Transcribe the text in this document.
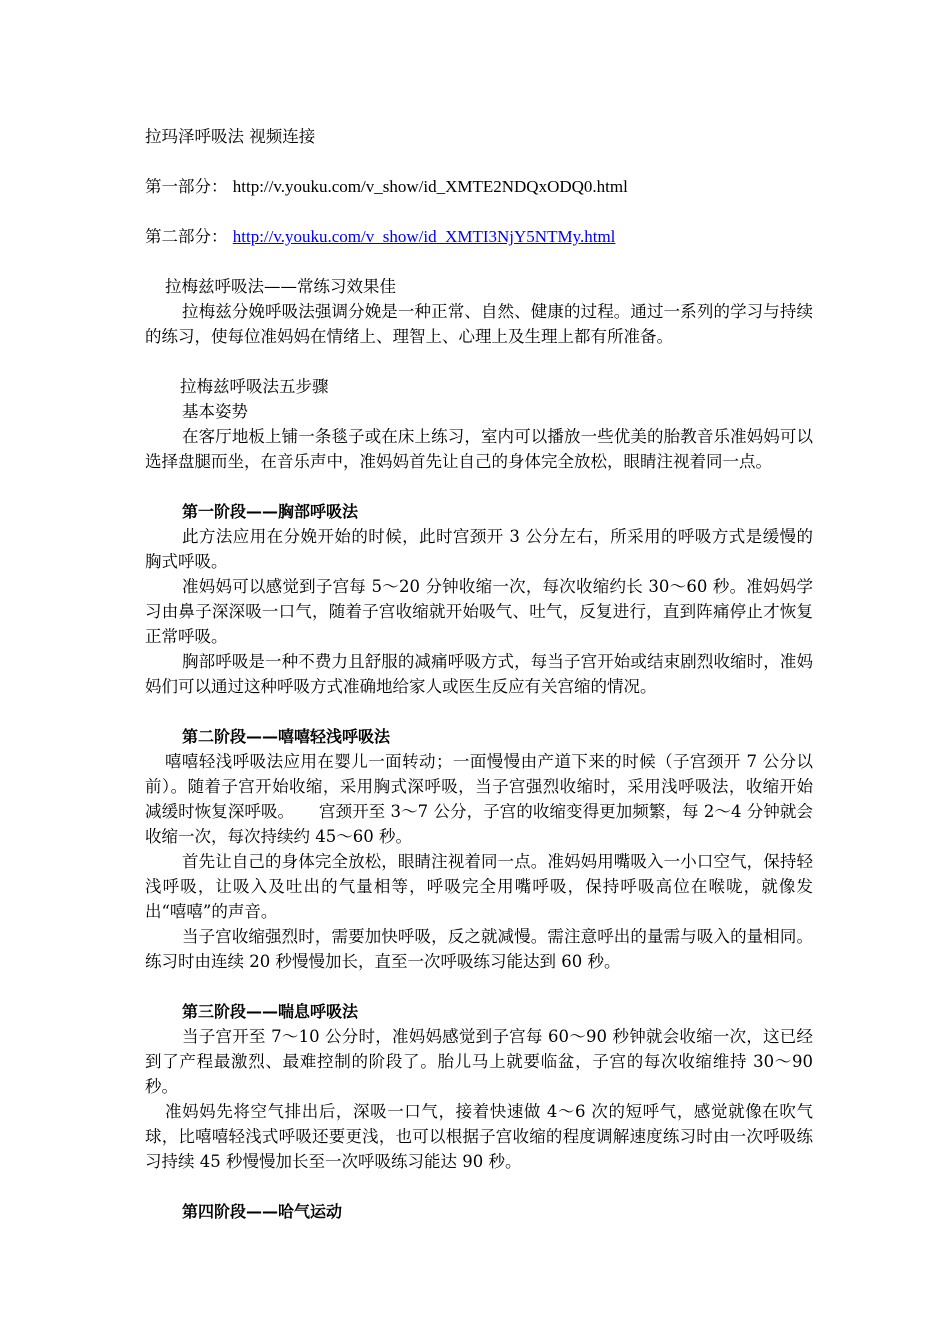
拉玛泽呼吸法 视频连接
第一部分： http://v.youku.com/v_show/id_XMTE2NDQxODQ0.html
第二部分： http://v.youku.com/v_show/id_XMTI3NjY5NTMy.html
拉梅兹呼吸法——常练习效果佳
拉梅兹分娩呼吸法强调分娩是一种正常、自然、健康的过程。通过一系列的学习与持续的练习，使每位准妈妈在情绪上、理智上、心理上及生理上都有所准备。
拉梅兹呼吸法五步骤
基本姿势
在客厅地板上铺一条毯子或在床上练习，室内可以播放一些优美的胎教音乐准妈妈可以选择盘腿而坐，在音乐声中，准妈妈首先让自己的身体完全放松，眼睛注视着同一点。
第一阶段——胸部呼吸法
此方法应用在分娩开始的时候，此时宫颈开 3 公分左右，所采用的呼吸方式是缓慢的胸式呼吸。
准妈妈可以感觉到子宫每 5～20 分钟收缩一次，每次收缩约长 30～60 秒。准妈妈学习由鼻子深深吸一口气，随着子宫收缩就开始吸气、吐气，反复进行，直到阵痛停止才恢复正常呼吸。
胸部呼吸是一种不费力且舒服的减痛呼吸方式，每当子宫开始或结束剧烈收缩时，准妈妈们可以通过这种呼吸方式准确地给家人或医生反应有关宫缩的情况。
第二阶段——嘻嘻轻浅呼吸法
嘻嘻轻浅呼吸法应用在婴儿一面转动；一面慢慢由产道下来的时候（子宫颈开 7 公分以前）。随着子宫开始收缩，采用胸式深呼吸，当子宫强烈收缩时，采用浅呼吸法，收缩开始减缓时恢复深呼吸。　　宫颈开至 3～7 公分，子宫的收缩变得更加频繁，每 2～4 分钟就会收缩一次，每次持续约 45～60 秒。
首先让自己的身体完全放松，眼睛注视着同一点。准妈妈用嘴吸入一小口空气，保持轻浅呼吸，让吸入及吐出的气量相等，呼吸完全用嘴呼吸，保持呼吸高位在喉咙，就像发出“嘻嘻”的声音。
当子宫收缩强烈时，需要加快呼吸，反之就减慢。需注意呼出的量需与吸入的量相同。练习时由连续 20 秒慢慢加长，直至一次呼吸练习能达到 60 秒。
第三阶段——喘息呼吸法
当子宫开至 7～10 公分时，准妈妈感觉到子宫每 60～90 秒钟就会收缩一次，这已经到了产程最激烈、最难控制的阶段了。胎儿马上就要临盆，子宫的每次收缩维持 30～90 秒。
准妈妈先将空气排出后，深吸一口气，接着快速做 4～6 次的短呼气，感觉就像在吹气球，比嘻嘻轻浅式呼吸还要更浅，也可以根据子宫收缩的程度调解速度练习时由一次呼吸练习持续 45 秒慢慢加长至一次呼吸练习能达 90 秒。
第四阶段——哈气运动
